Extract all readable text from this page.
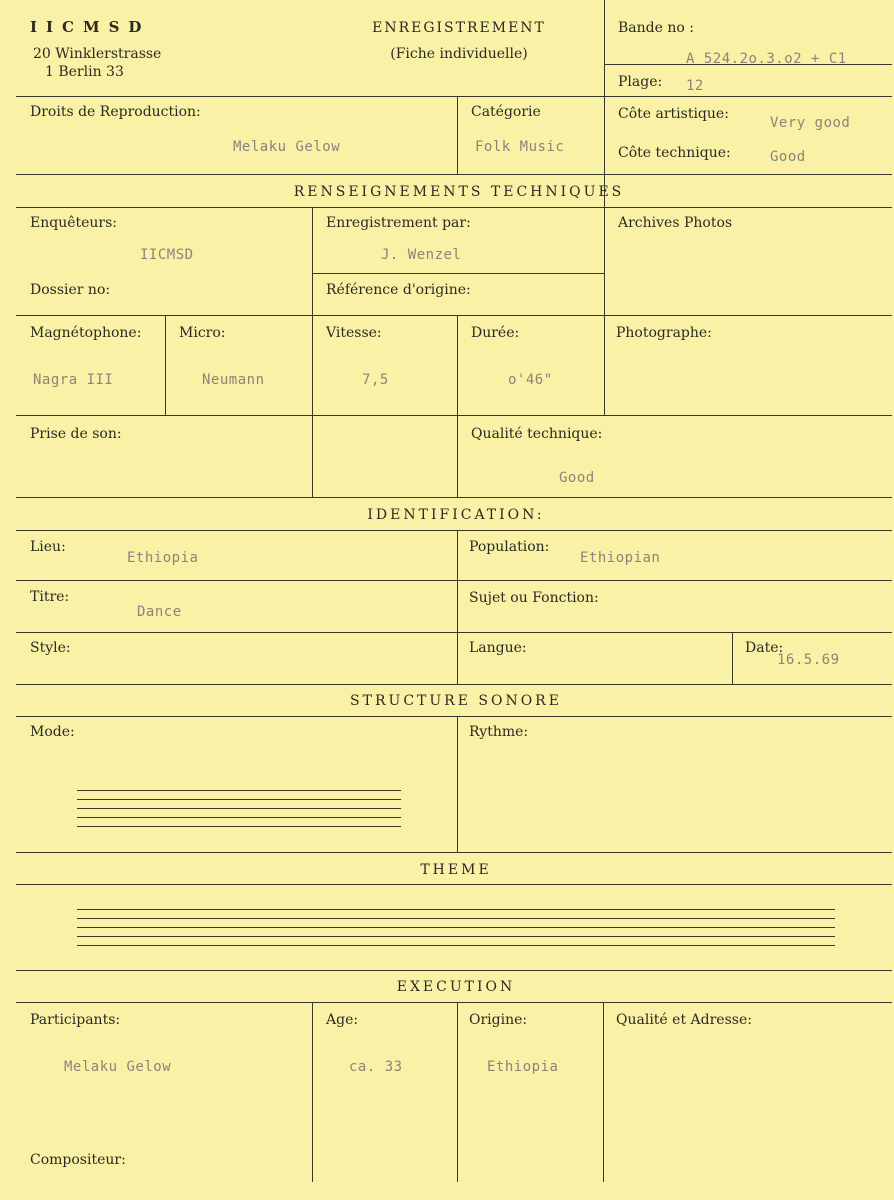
IICMSD
20 Winklerstrasse
1 Berlin 33
ENREGISTREMENT
(Fiche individuelle)
Bande no :
A 524.2o.3.o2 + C1
Plage: 12
Droits de Reproduction:
Melaku Gelow
Catégorie
Folk Music
Côte artistique:
Very good
Côte technique:	Good
RENSEIGNEMENTS TECHNIQUES
Enquêteurs:
IICMSD
Enregistrement par:
J. Wenzel
Archives Photos
Dossier no:	Référence d'origine:
Magnétophone:
Nagra III
Micro:
Neumann
Vitesse:
7,5
Durée:
o'46"
Photographe:
Prise de son:	Qualité technique:
Good
IDENTIFICATION:
Lieu:
Ethiopia
Population:
Ethiopian
Titre:
Dance
Sujet ou Fonction:
Style:	Langue:	Date:
16.5.69
STRUCTURE SONORE
Mode:	Rythme:
THEME
EXECUTION
Participants:
Melaku Gelow
Age:
ca. 33
Origine:
Ethiopia
Qualité et Adresse:
Compositeur:
